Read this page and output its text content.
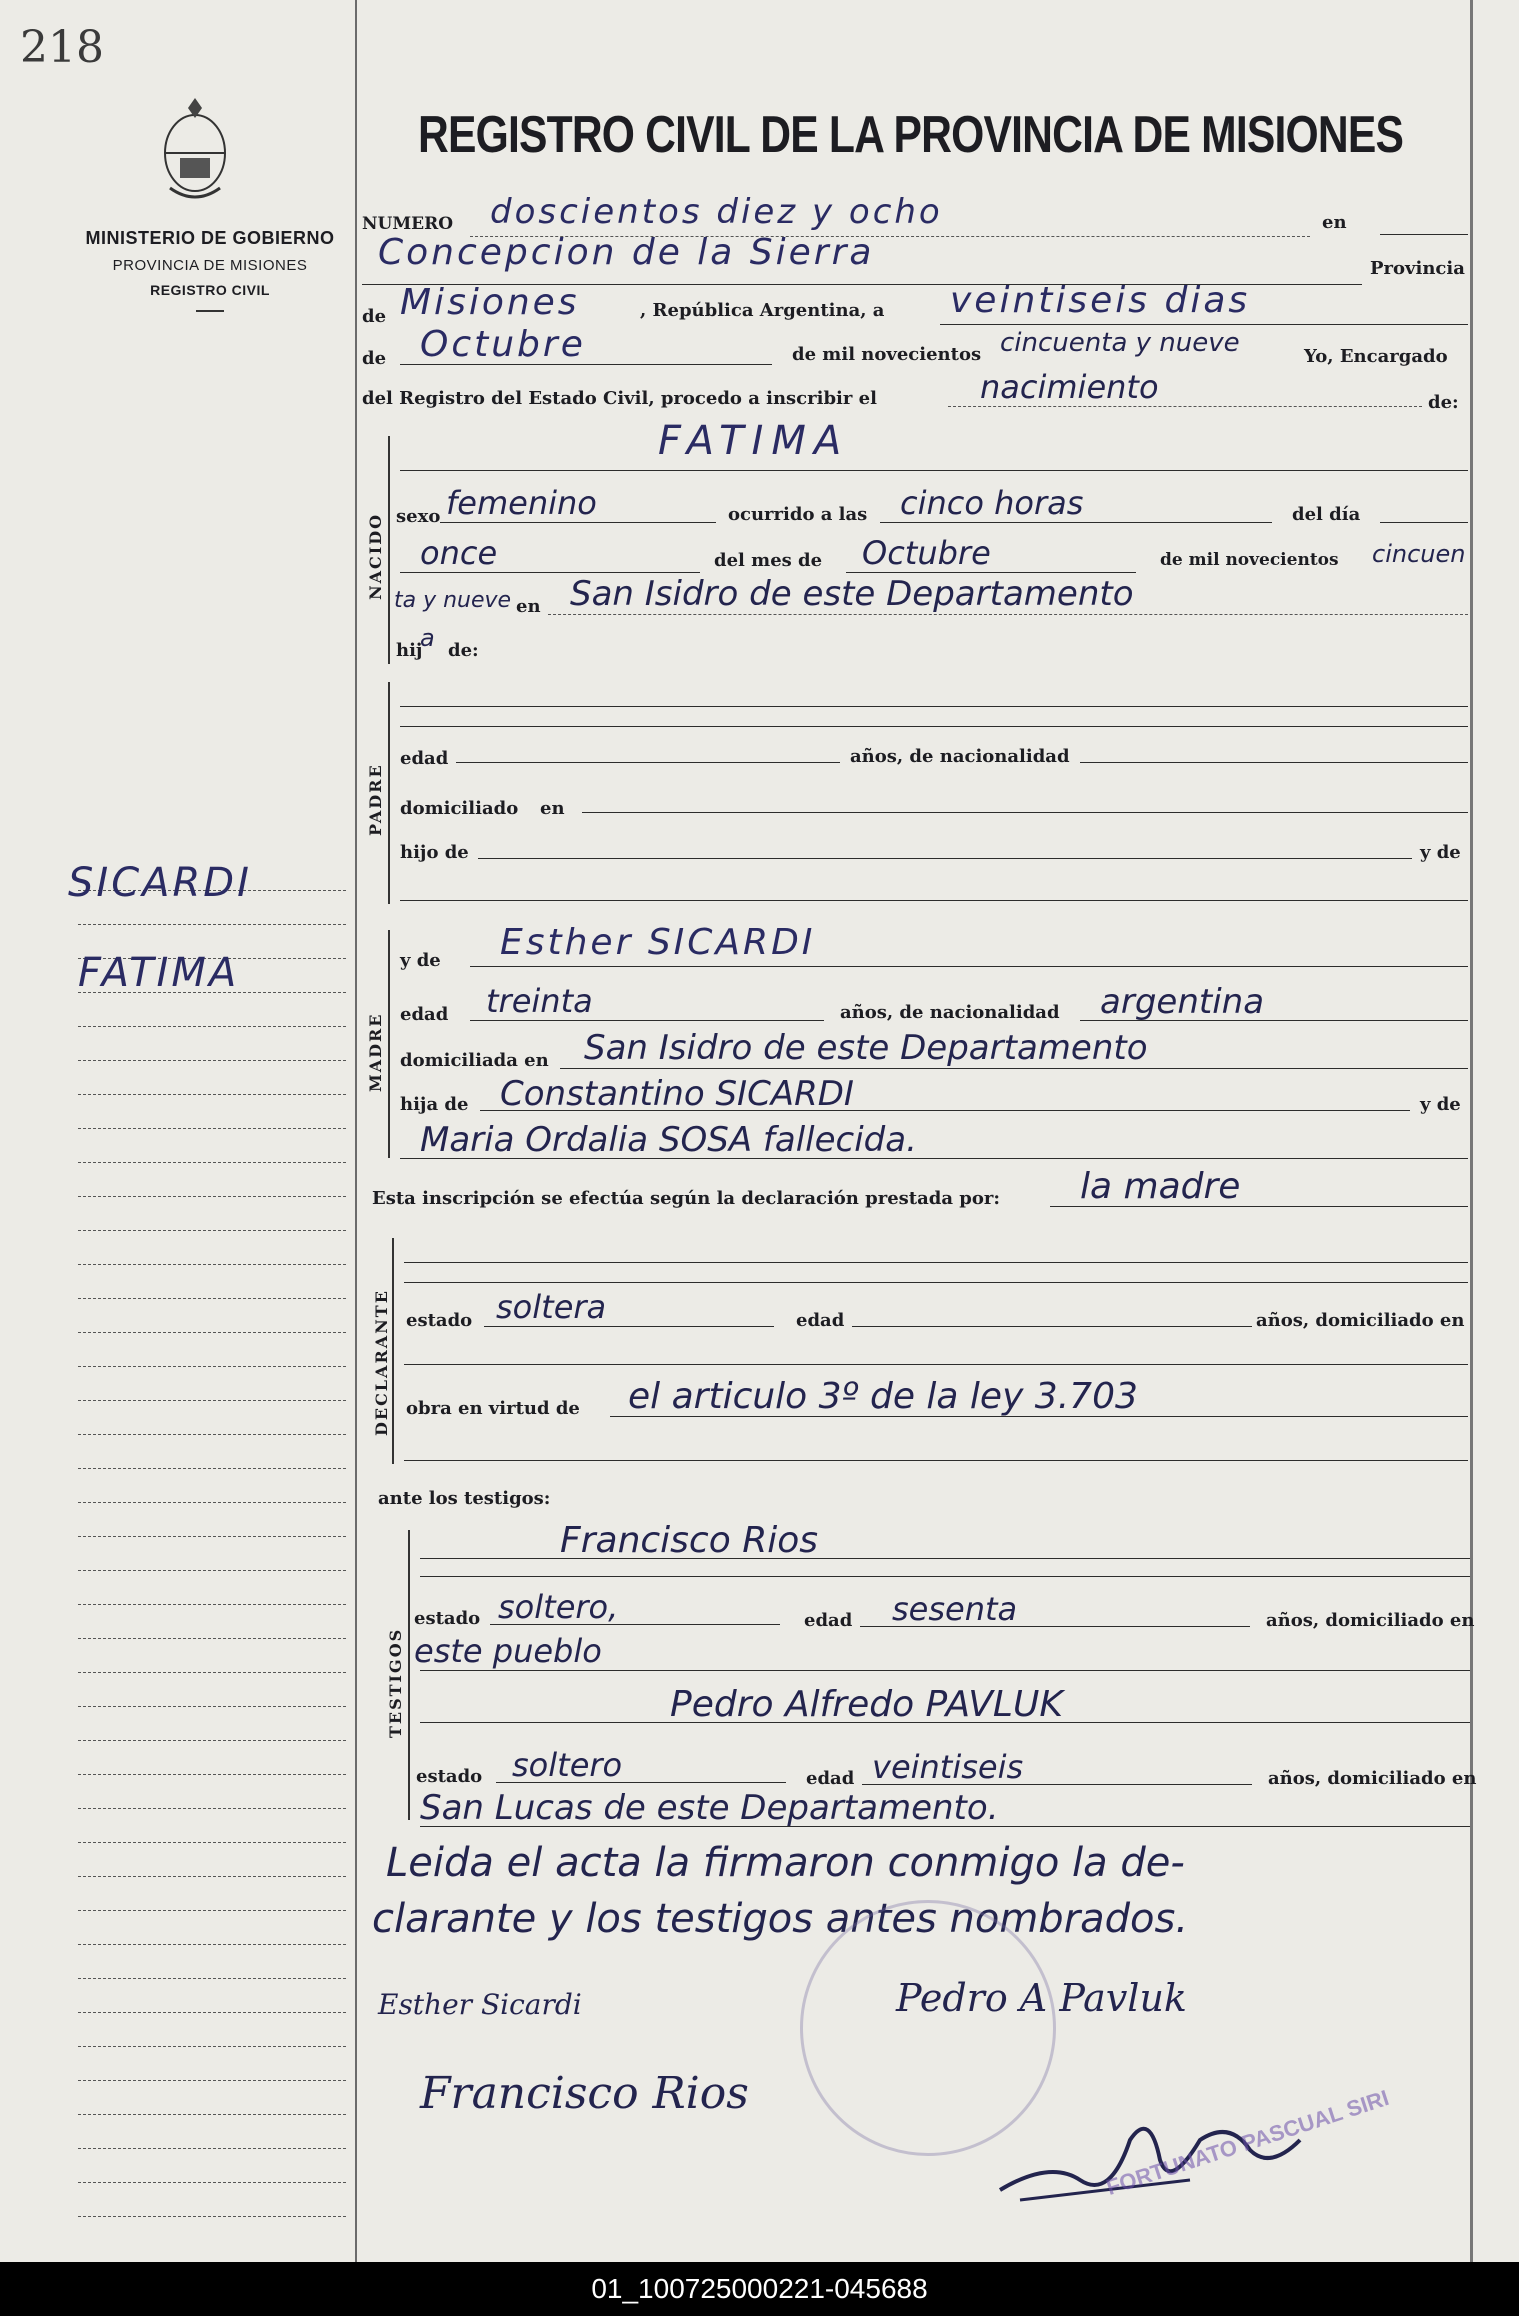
218
MINISTERIO DE GOBIERNO
PROVINCIA DE MISIONES
REGISTRO CIVIL
REGISTRO CIVIL DE LA PROVINCIA DE MISIONES
SICARDI
FATIMA
NUMERO doscientos diez y ocho	en
Concepcion de la Sierra	Provincia
de Misiones	, República Argentina, a veintiseis dias
de Octubre	de mil novecientos cincuenta y nueve	Yo, Encargado
del Registro del Estado Civil, procedo a inscribir el	nacimiento	de:
NACIDO
FATIMA
sexo femenino	ocurrido a las cinco horas	del día
once	del mes de Octubre	de mil novecientos cincuen
ta y nueve en San Isidro de este Departamento
hij
a de:
PADRE
edad	años, de nacionalidad
domiciliado en
hijo de	y de
MADRE
y de Esther SICARDI
edad treinta	años, de nacionalidad argentina
domiciliada en San Isidro de este Departamento
hija de Constantino SICARDI	y de
Maria Ordalia SOSA fallecida.
Esta inscripción se efectúa según la declaración prestada por: la madre
DECLARANTE estado soltera	edad	años, domiciliado en
obra en virtud de el articulo 3º de la ley 3.703
ante los testigos:
TESTIGOS
Francisco Rios
estado soltero,	edad sesenta	años, domiciliado en
este pueblo
Pedro Alfredo PAVLUK
estado soltero	edad veintiseis	años, domiciliado en
San Lucas de este Departamento.
Leida el acta la firmaron conmigo la de-
clarante y los testigos antes nombrados.
Esther Sicardi	Pedro A Pavluk
Francisco Rios	FORTUNATO PASCUAL SIRI
01_100725000221-045688
